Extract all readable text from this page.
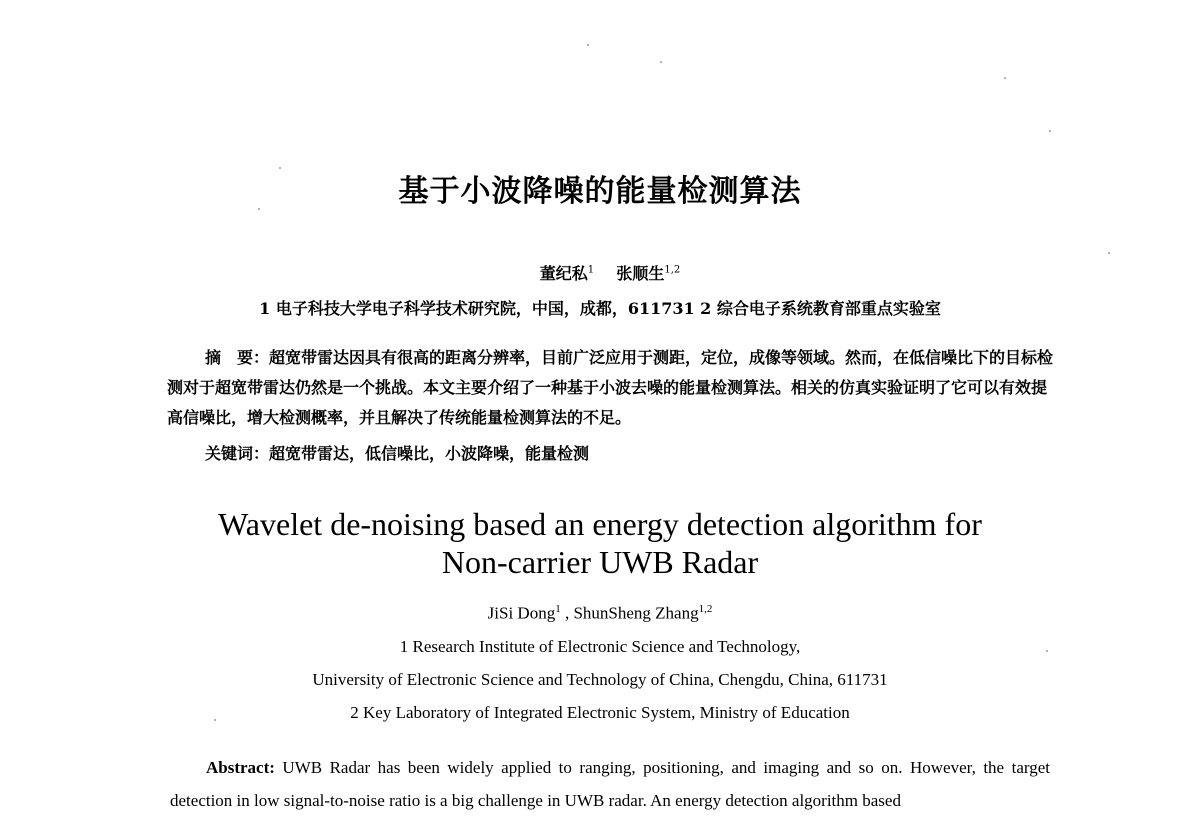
基于小波降噪的能量检测算法
董纪私$^1$ 张顺生$^{1,2}$
1 电子科技大学电子科学技术研究院，中国，成都，611731 2 综合电子系统教育部重点实验室
摘　要：超宽带雷达因具有很高的距离分辨率，目前广泛应用于测距，定位，成像等领域。然而，在低信噪比下的目标检测对于超宽带雷达仍然是一个挑战。本文主要介绍了一种基于小波去噪的能量检测算法。相关的仿真实验证明了它可以有效提高信噪比，增大检测概率，并且解决了传统能量检测算法的不足。
关键词：超宽带雷达，低信噪比，小波降噪，能量检测
Wavelet de-noising based an energy detection algorithm for
Non-carrier UWB Radar
JiSi Dong$^1$ , ShunSheng Zhang$^{1,2}$
1 Research Institute of Electronic Science and Technology,
University of Electronic Science and Technology of China, Chengdu, China, 611731
2 Key Laboratory of Integrated Electronic System, Ministry of Education
Abstract: UWB Radar has been widely applied to ranging, positioning, and imaging and so on. However, the target detection in low signal-to-noise ratio is a big challenge in UWB radar. An energy detection algorithm based
